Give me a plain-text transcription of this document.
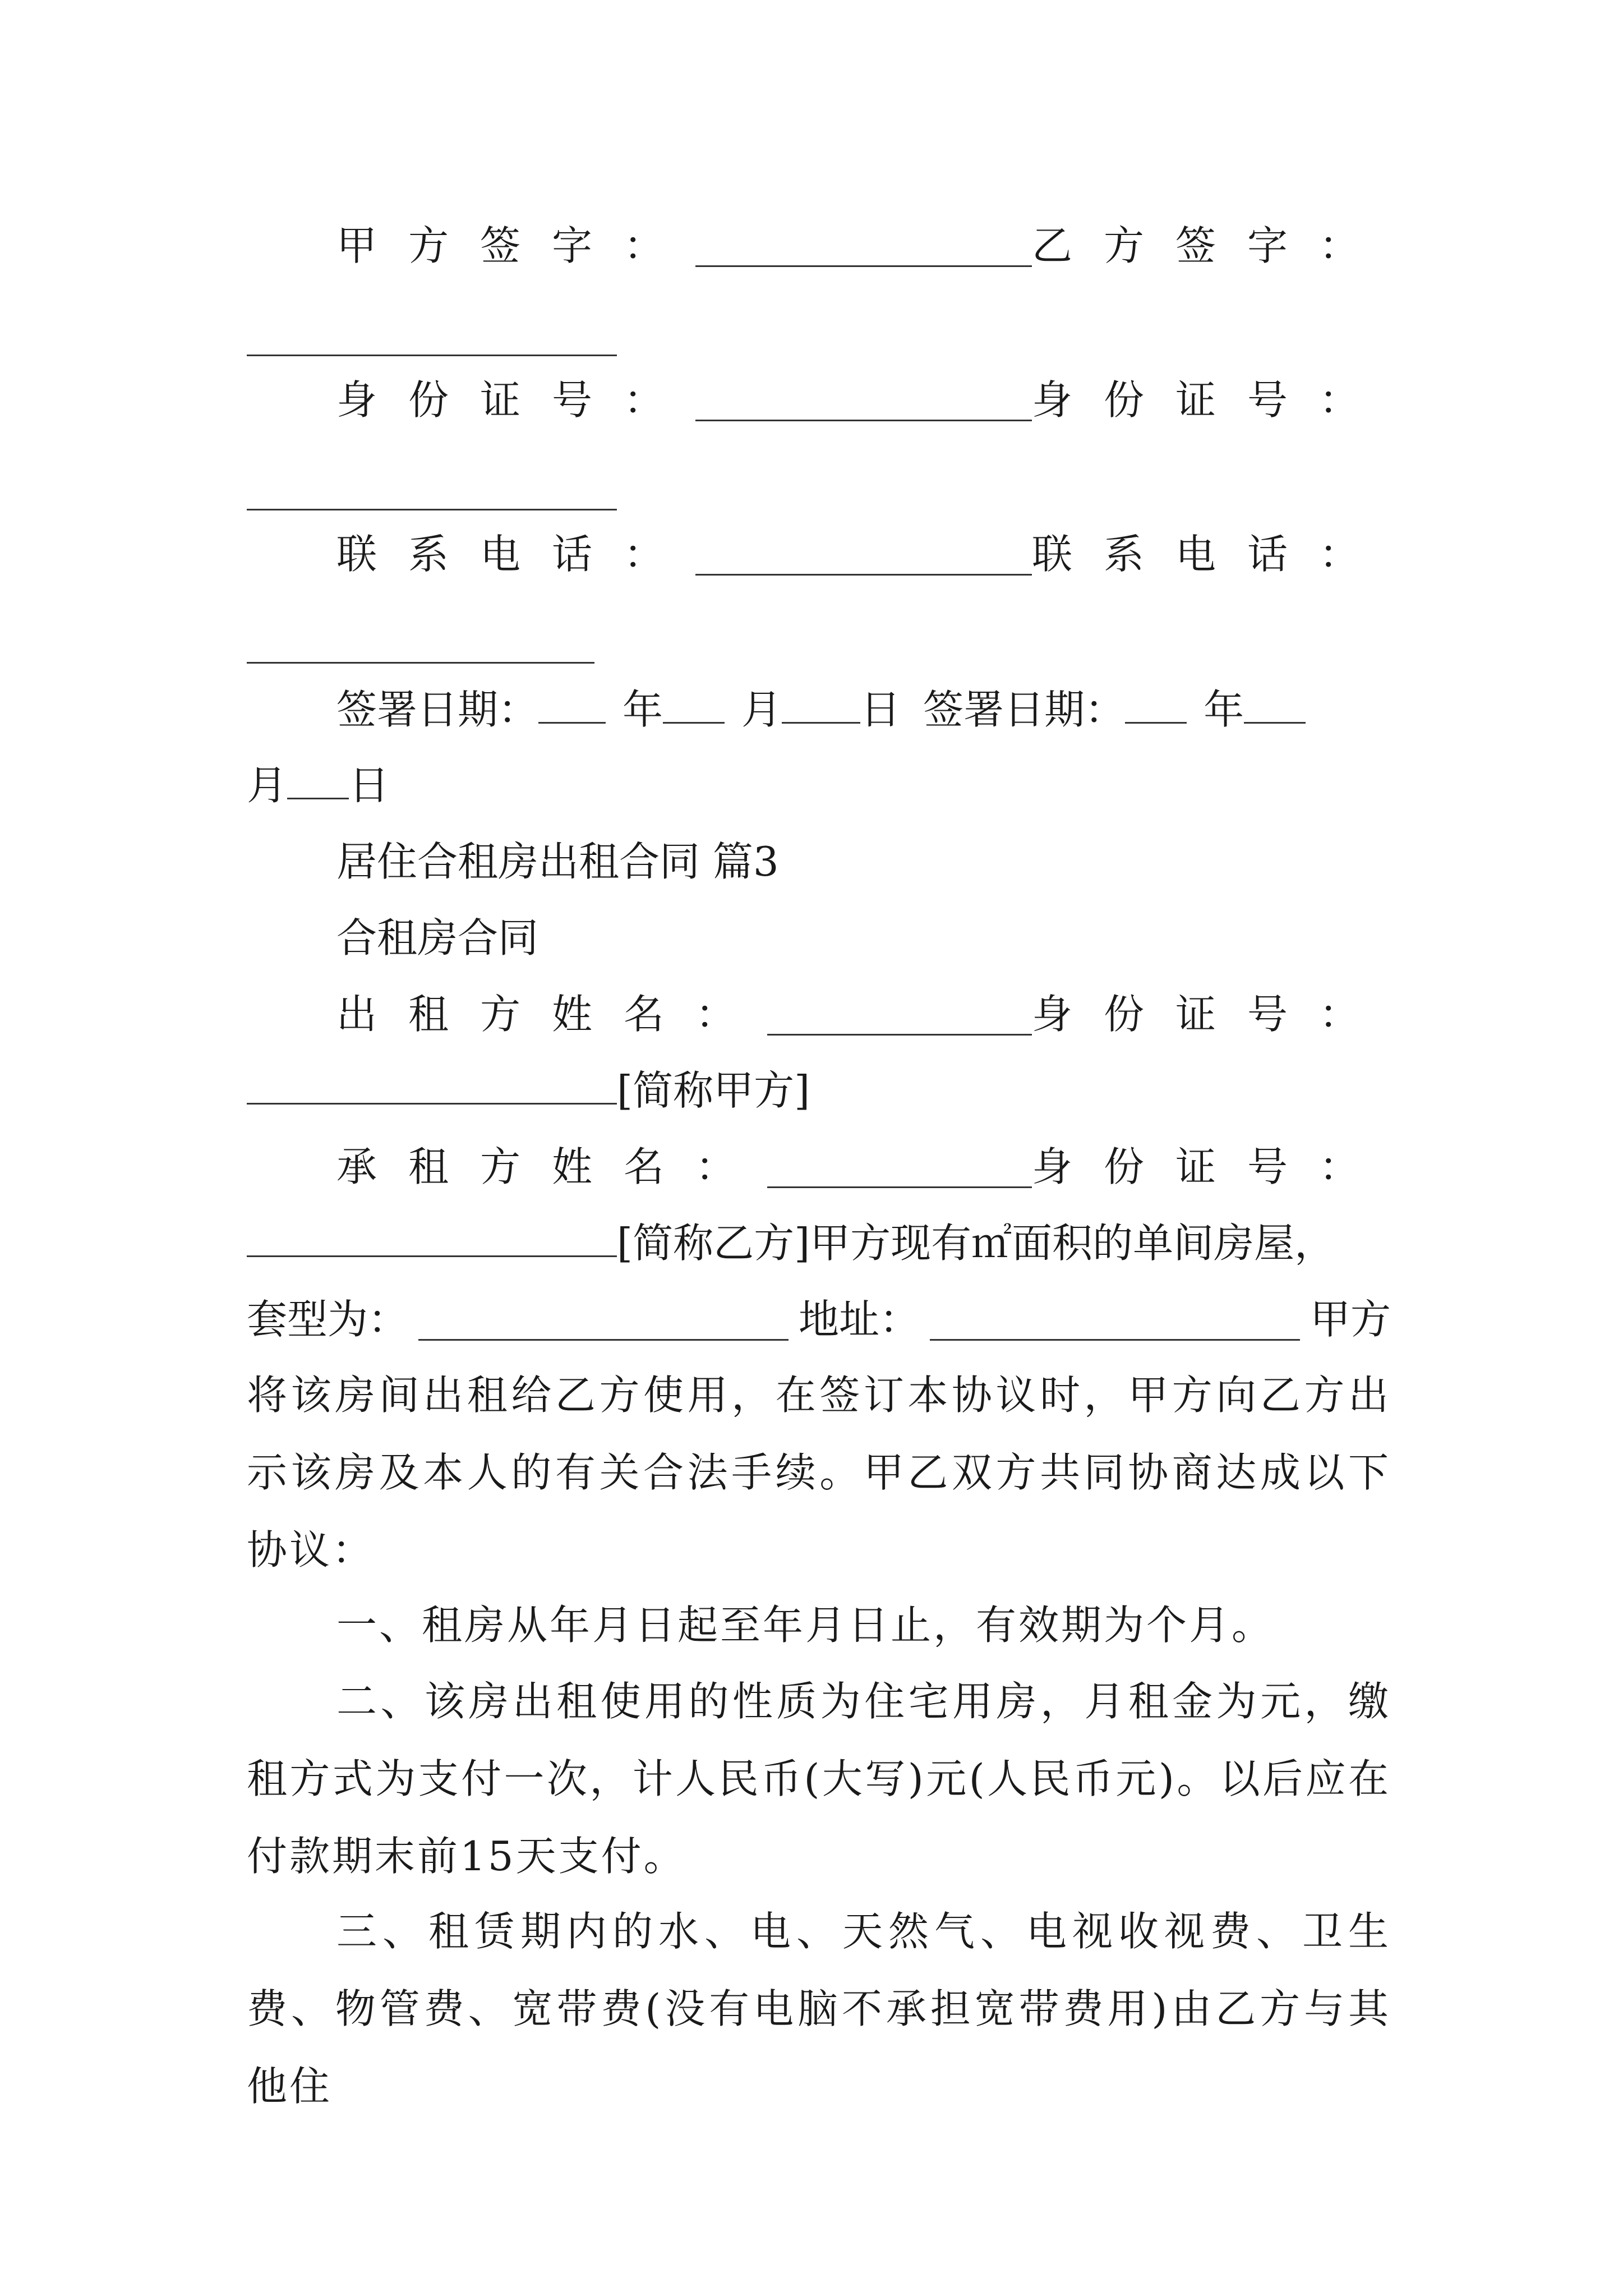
甲方签字：	乙方签字：
身份证号：	身份证号：
联系电话：	联系电话：
签署日期： 年 月 日 签署日期： 年
月 日
居住合租房出租合同 篇3
合租房合同
出租方姓名：	身份证号：
[简称甲方]
承租方姓名：	身份证号：
[简称乙方]甲方现有㎡面积的单间房屋，
套型为：	地址：	甲方
将该房间出租给乙方使用，在签订本协议时，甲方向乙方出示该房及本人的有关合法手续。甲乙双方共同协商达成以下协议：
一、租房从年月日起至年月日止，有效期为个月。
二、该房出租使用的性质为住宅用房，月租金为元，缴租方式为支付一次，计人民币(大写)元(人民币元)。以后应在付款期末前15天支付。
三、租赁期内的水、电、天然气、电视收视费、卫生费、物管费、宽带费(没有电脑不承担宽带费用)由乙方与其他住
